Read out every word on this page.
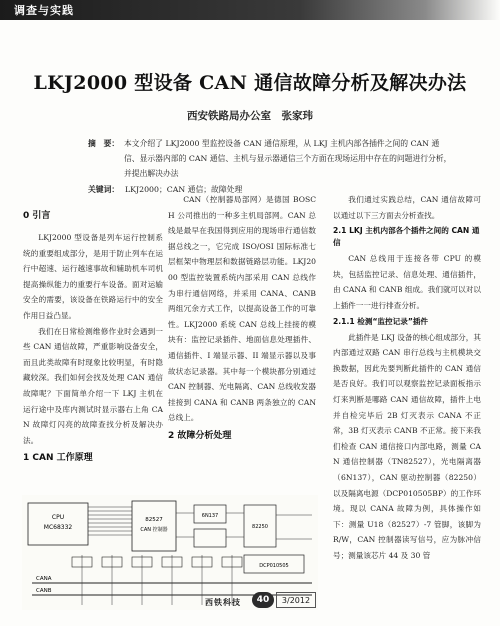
调查与实践
LKJ2000 型设备 CAN 通信故障分析及解决办法
西安铁路局办公室　张家玮
摘　要： 本文介绍了 LKJ2000 型监控设备 CAN 通信原理，从 LKJ 主机内部各插件之间的 CAN 通信、显示器内部的 CAN 通信、主机与显示器通信三个方面在现场运用中存在的问题进行分析，并提出解决办法
关键词： LKJ2000；CAN 通信；故障处理
0 引言
LKJ2000 型设备是列车运行控制系统的重要组成部分，是用于防止列车在运行中超速、运行越速事故和辅助机车司机提高操纵能力的重要行车设备。面对运输安全的需要，该设备在铁路运行中的安全作用日益凸显。
我们在日常检测维修作业时会遇到一些 CAN 通信故障，严重影响设备安全，而且此类故障有时现象比较明显，有时隐藏较深。我们如何会找及处理 CAN 通信故障呢？下面简单介绍一下 LKJ 主机在运行途中及库内测试时显示器右上角 CAN 故障灯闪亮的故障查找分析及解决办法。
1 CAN 工作原理
CAN（控制器局部网）是德国 BOSCH 公司推出的一种多主机局部网。CAN 总线是最早在我国得到应用的现场串行通信数据总线之一，它完成 ISO/OSI 国际标准七层框架中物理层和数据链路层功能。LKJ2000 型监控装置系统内部采用 CAN 总线作为串行通信网络，并采用 CANA、CANB 两组冗余方式工作，以提高设备工作的可靠性。LKJ2000 系统 CAN 总线上挂接的模块有：监控记录插件、地面信息处理插件、通信插件、I 端显示器、II 端显示器以及事故状态记录器。其中每一个模块都分别通过 CAN 控制器、光电隔离、CAN 总线收发器挂接到 CANA 和 CANB 两条独立的 CAN 总线上。
2 故障分析处理
我们通过实践总结，CAN 通信故障可以通过以下三方面去分析查找。
2.1 LKJ 主机内部各个插件之间的 CAN 通信
CAN 总线用于连接各带 CPU 的模块，包括监控记录、信息处理、通信插件，由 CANA 和 CANB 组成。我们就可以对以上插件一一进行排查分析。
2.1.1 检测“监控记录”插件
此插件是 LKJ 设备的核心组成部分，其内部通过双路 CAN 串行总线与主机模块交换数据，因此先要判断此插件的 CAN 通信是否良好。我们可以观察监控记录面板指示灯来判断是哪路 CAN 通信故障，插件上电并自检完毕后 2B 灯灭表示 CANA 不正常，3B 灯灭表示 CANB 不正常。接下来我们检查 CAN 通信接口内部电路，测量 CAN 通信控制器（TN82527），光电隔离器（6N137），CAN 驱动控制器（82250）以及隔离电源（DCP010505BP）的工作环境。现以 CANA 故障为例，具体操作如下：测量 U18（82527）-7 管脚，该脚为 R/W，CAN 控制器读写信号，应为脉冲信号；测量该芯片 44 及 30 管
CPU
MC68332
82527
CAN 控制器
6N137
82250
DCP010505
CANA
CANB
西铁科技	40	3/2012
